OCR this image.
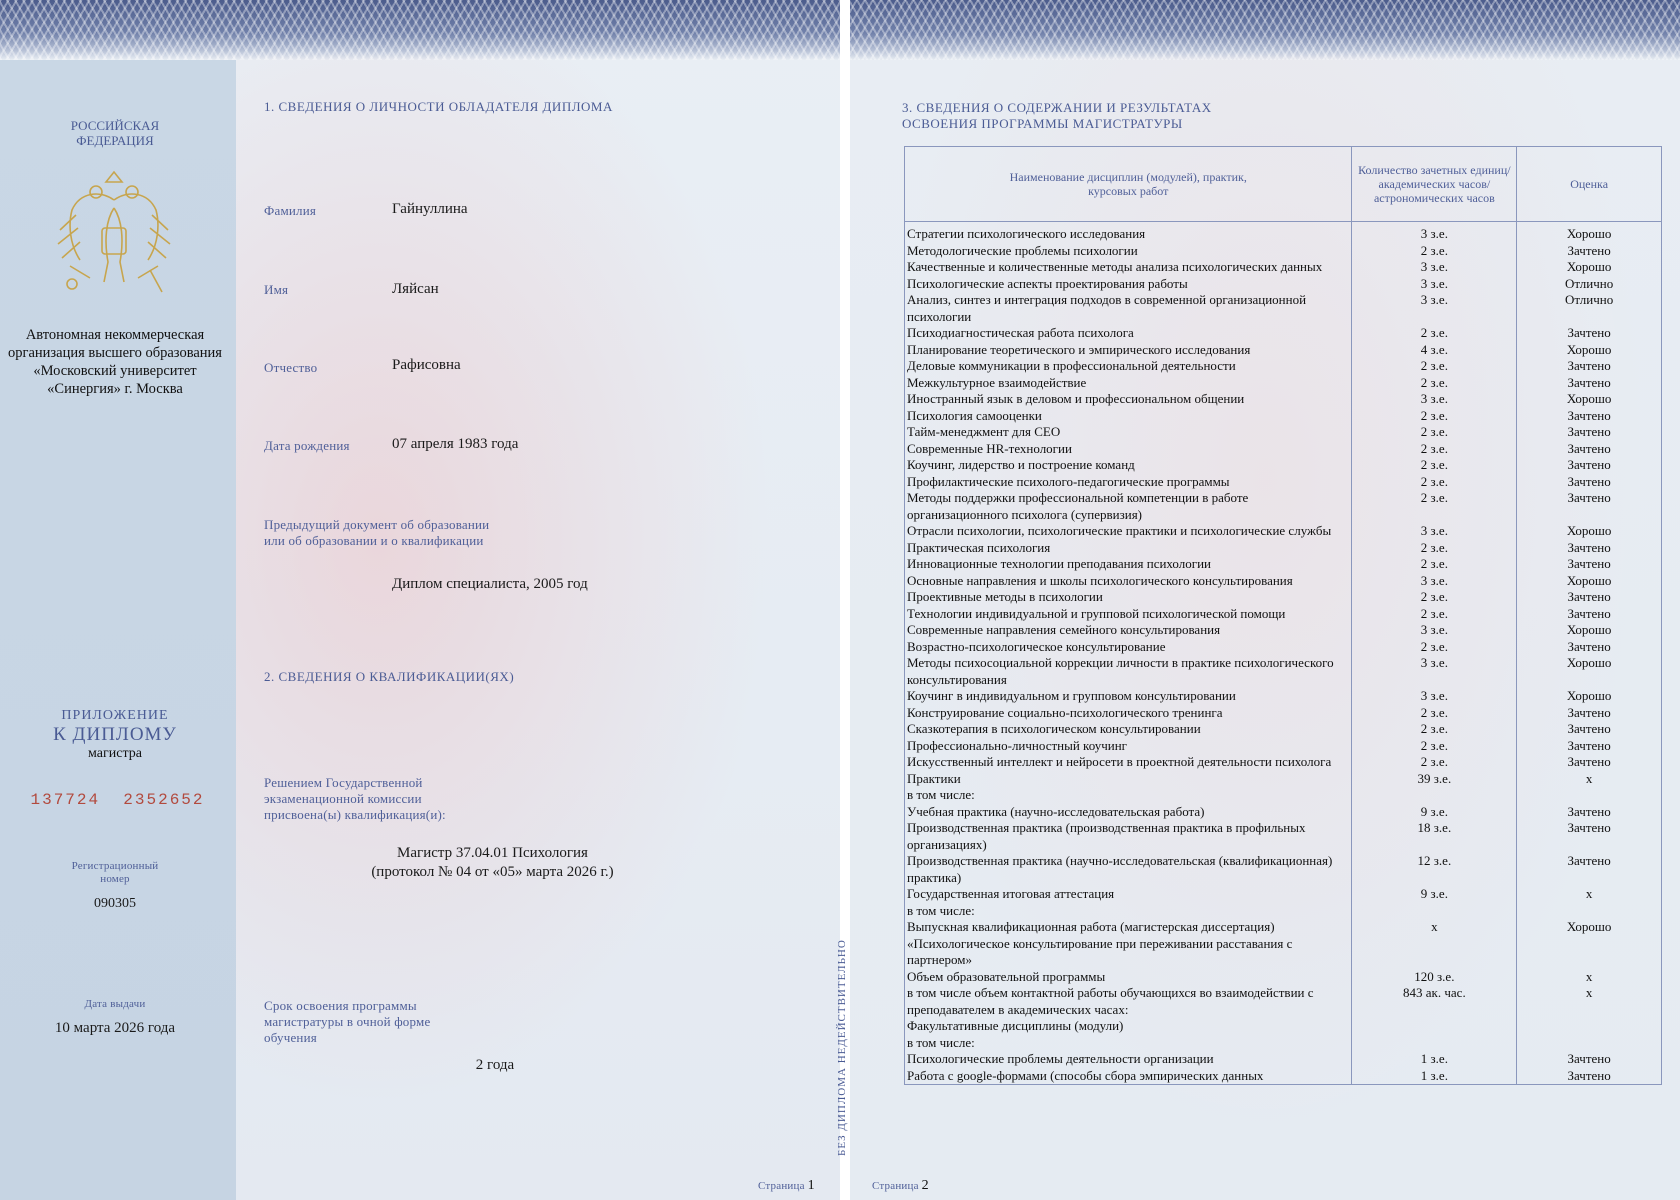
РОССИЙСКАЯ ФЕДЕРАЦИЯ
Автономная некоммерческая организация высшего образования «Московский университет «Синергия» г. Москва
ПРИЛОЖЕНИЕ
К ДИПЛОМУ
магистра
137724  2352652
Регистрационный номер
090305
Дата выдачи
10 марта 2026 года
1. СВЕДЕНИЯ О ЛИЧНОСТИ ОБЛАДАТЕЛЯ ДИПЛОМА
Фамилия	Гайнуллина
Имя	Ляйсан
Отчество	Рафисовна
Дата рождения	07 апреля 1983 года
Предыдущий документ об образовании или об образовании и о квалификации
Диплом специалиста, 2005 год
2. СВЕДЕНИЯ О КВАЛИФИКАЦИИ(ЯХ)
Решением Государственной экзаменационной комиссии присвоена(ы) квалификация(и):
Магистр 37.04.01 Психология
(протокол № 04 от «05» марта 2026 г.)
Срок освоения программы магистратуры в очной форме обучения
2 года	БЕЗ ДИПЛОМА НЕДЕЙСТВИТЕЛЬНО
Страница 1
3. СВЕДЕНИЯ О СОДЕРЖАНИИ И РЕЗУЛЬТАТАХ
ОСВОЕНИЯ ПРОГРАММЫ МАГИСТРАТУРЫ
Наименование дисциплин (модулей), практик, курсовых работ	Количество зачетных единиц/академических часов/астрономических часов	Оценка
Стратегии психологического исследования	3 з.е.	Хорошо
Методологические проблемы психологии	2 з.е.	Зачтено
Качественные и количественные методы анализа психологических данных	3 з.е.	Хорошо
Психологические аспекты проектирования работы	3 з.е.	Отлично
Анализ, синтез и интеграция подходов в современной организационной психологии	3 з.е.	Отлично
Психодиагностическая работа психолога	2 з.е.	Зачтено
Планирование теоретического и эмпирического исследования	4 з.е.	Хорошо
Деловые коммуникации в профессиональной деятельности	2 з.е.	Зачтено
Межкультурное взаимодействие	2 з.е.	Зачтено
Иностранный язык в деловом и профессиональном общении	3 з.е.	Хорошо
Психология самооценки	2 з.е.	Зачтено
Тайм-менеджмент для CEO	2 з.е.	Зачтено
Современные HR-технологии	2 з.е.	Зачтено
Коучинг, лидерство и построение команд	2 з.е.	Зачтено
Профилактические психолого-педагогические программы	2 з.е.	Зачтено
Методы поддержки профессиональной компетенции в работе организационного психолога (супервизия)	2 з.е.	Зачтено
Отрасли психологии, психологические практики и психологические службы	3 з.е.	Хорошо
Практическая психология	2 з.е.	Зачтено
Инновационные технологии преподавания психологии	2 з.е.	Зачтено
Основные направления и школы психологического консультирования	3 з.е.	Хорошо
Проективные методы в психологии	2 з.е.	Зачтено
Технологии индивидуальной и групповой психологической помощи	2 з.е.	Зачтено
Современные направления семейного консультирования	3 з.е.	Хорошо
Возрастно-психологическое консультирование	2 з.е.	Зачтено
Методы психосоциальной коррекции личности в практике психологического консультирования	3 з.е.	Хорошо
Коучинг в индивидуальном и групповом консультировании	3 з.е.	Хорошо
Конструирование социально-психологического тренинга	2 з.е.	Зачтено
Сказкотерапия в психологическом консультировании	2 з.е.	Зачтено
Профессионально-личностный коучинг	2 з.е.	Зачтено
Искусственный интеллект и нейросети в проектной деятельности психолога	2 з.е.	Зачтено
Практики
в том числе:	39 з.е.	x
Учебная практика (научно-исследовательская работа)	9 з.е.	Зачтено
Производственная практика (производственная практика в профильных организациях)	18 з.е.	Зачтено
Производственная практика (научно-исследовательская (квалификационная) практика)	12 з.е.	Зачтено
Государственная итоговая аттестация
в том числе:	9 з.е.	x
Выпускная квалификационная работа (магистерская диссертация) «Психологическое консультирование при переживании расставания с партнером»	x	Хорошо
Объем образовательной программы	120 з.е.	x
в том числе объем контактной работы обучающихся во взаимодействии с преподавателем в академических часах:	843 ак. час.	x
Факультативные дисциплины (модули)
в том числе:		
Психологические проблемы деятельности организации	1 з.е.	Зачтено
Работа с google-формами (способы сбора эмпирических данных	1 з.е.	Зачтено
Страница 2
